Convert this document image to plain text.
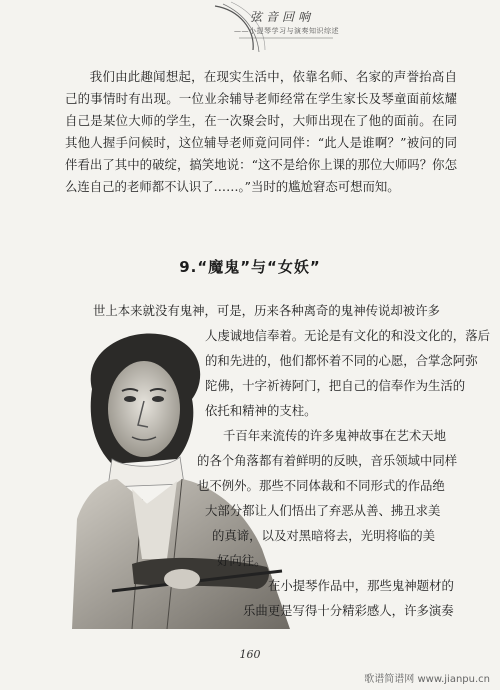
弦音回响
——小提琴学习与演奏知识综述

我们由此趣闻想起，在现实生活中，依靠名师、名家的声誉抬高自己的事情时有出现。一位业余辅导老师经常在学生家长及琴童面前炫耀自己是某位大师的学生，在一次聚会时，大师出现在了他的面前。在同其他人握手问候时，这位辅导老师竟问同伴：“此人是谁啊？”被问的同伴看出了其中的破绽，搞笑地说：“这不是给你上课的那位大师吗？你怎么连自己的老师都不认识了……。”当时的尴尬窘态可想而知。

9.“魔鬼”与“女妖”

世上本来就没有鬼神，可是，历来各种离奇的鬼神传说却被许多

人虔诚地信奉着。无论是有文化的和没文化的，落后

的和先进的，他们都怀着不同的心愿，合掌念阿弥

陀佛，十字祈祷阿门，把自己的信奉作为生活的

依托和精神的支柱。

千百年来流传的许多鬼神故事在艺术天地

的各个角落都有着鲜明的反映，音乐领域中同样

也不例外。那些不同体裁和不同形式的作品绝

大部分都让人们悟出了弃恶从善、拂丑求美

的真谛，以及对黑暗将去，光明将临的美

好向往。

在小提琴作品中，那些鬼神题材的

乐曲更是写得十分精彩感人，许多演奏

160
歌谱简谱网 www.jianpu.cn
